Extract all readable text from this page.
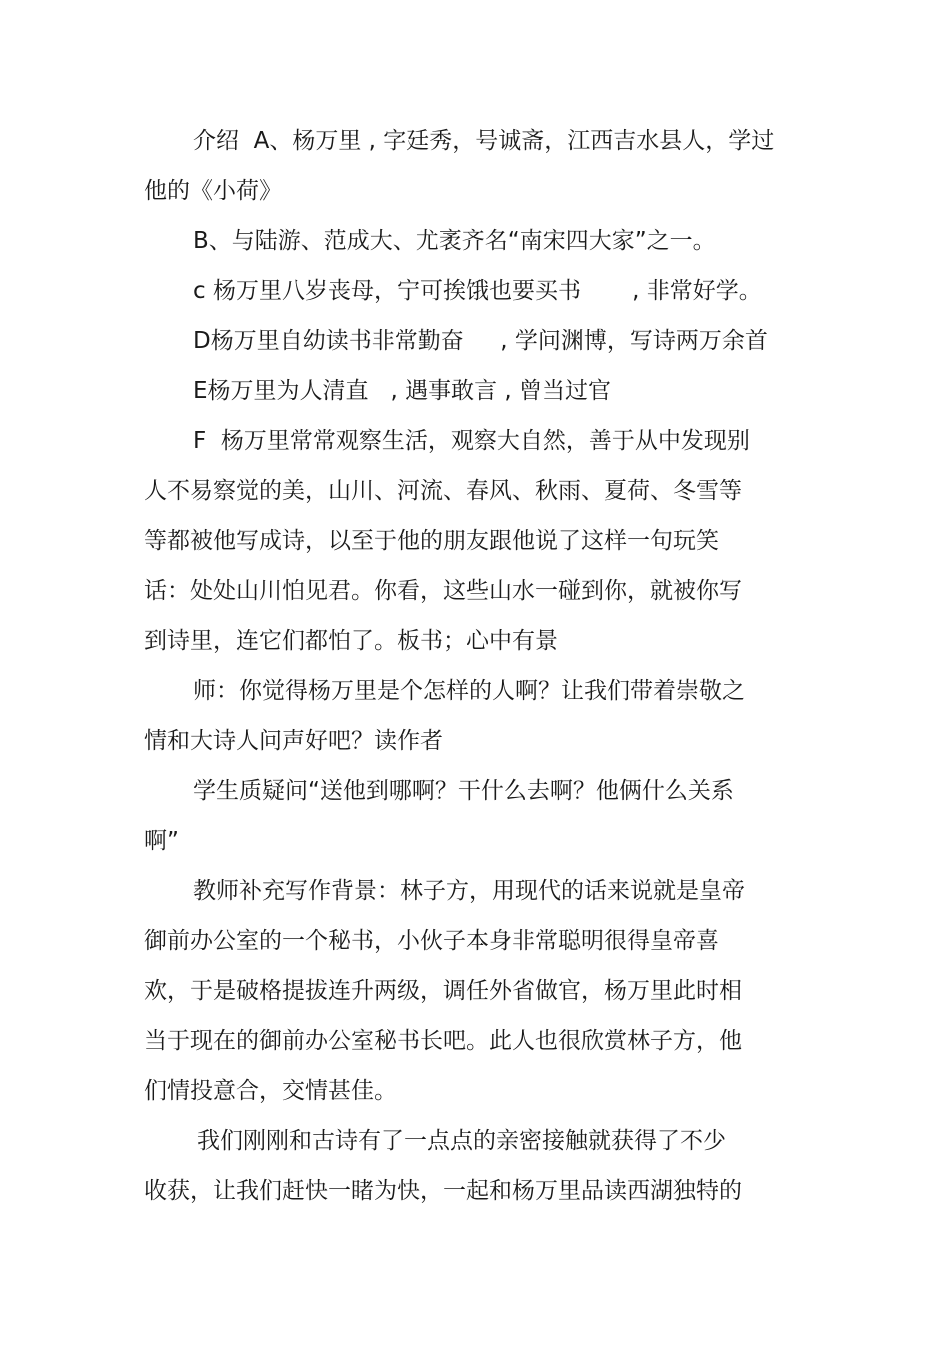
介绍  A、杨万里 , 字廷秀，号诚斋，江西吉水县人，学过
他的《小荷》
B、与陆游、范成大、尤袤齐名“南宋四大家”之一。
c 杨万里八岁丧母，宁可挨饿也要买书       , 非常好学。
D杨万里自幼读书非常勤奋     , 学问渊博，写诗两万余首
E杨万里为人清直   , 遇事敢言 , 曾当过官
F  杨万里常常观察生活，观察大自然，善于从中发现别
人不易察觉的美，山川、河流、春风、秋雨、夏荷、冬雪等
等都被他写成诗，以至于他的朋友跟他说了这样一句玩笑
话：处处山川怕见君。你看，这些山水一碰到你，就被你写
到诗里，连它们都怕了。板书；心中有景
师：你觉得杨万里是个怎样的人啊？让我们带着崇敬之
情和大诗人问声好吧？读作者
学生质疑问“送他到哪啊？干什么去啊？他俩什么关系
啊”
教师补充写作背景：林子方，用现代的话来说就是皇帝
御前办公室的一个秘书，小伙子本身非常聪明很得皇帝喜
欢，于是破格提拔连升两级，调任外省做官，杨万里此时相
当于现在的御前办公室秘书长吧。此人也很欣赏林子方，他
们情投意合，交情甚佳。
我们刚刚和古诗有了一点点的亲密接触就获得了不少
收获，让我们赶快一睹为快，一起和杨万里品读西湖独特的
